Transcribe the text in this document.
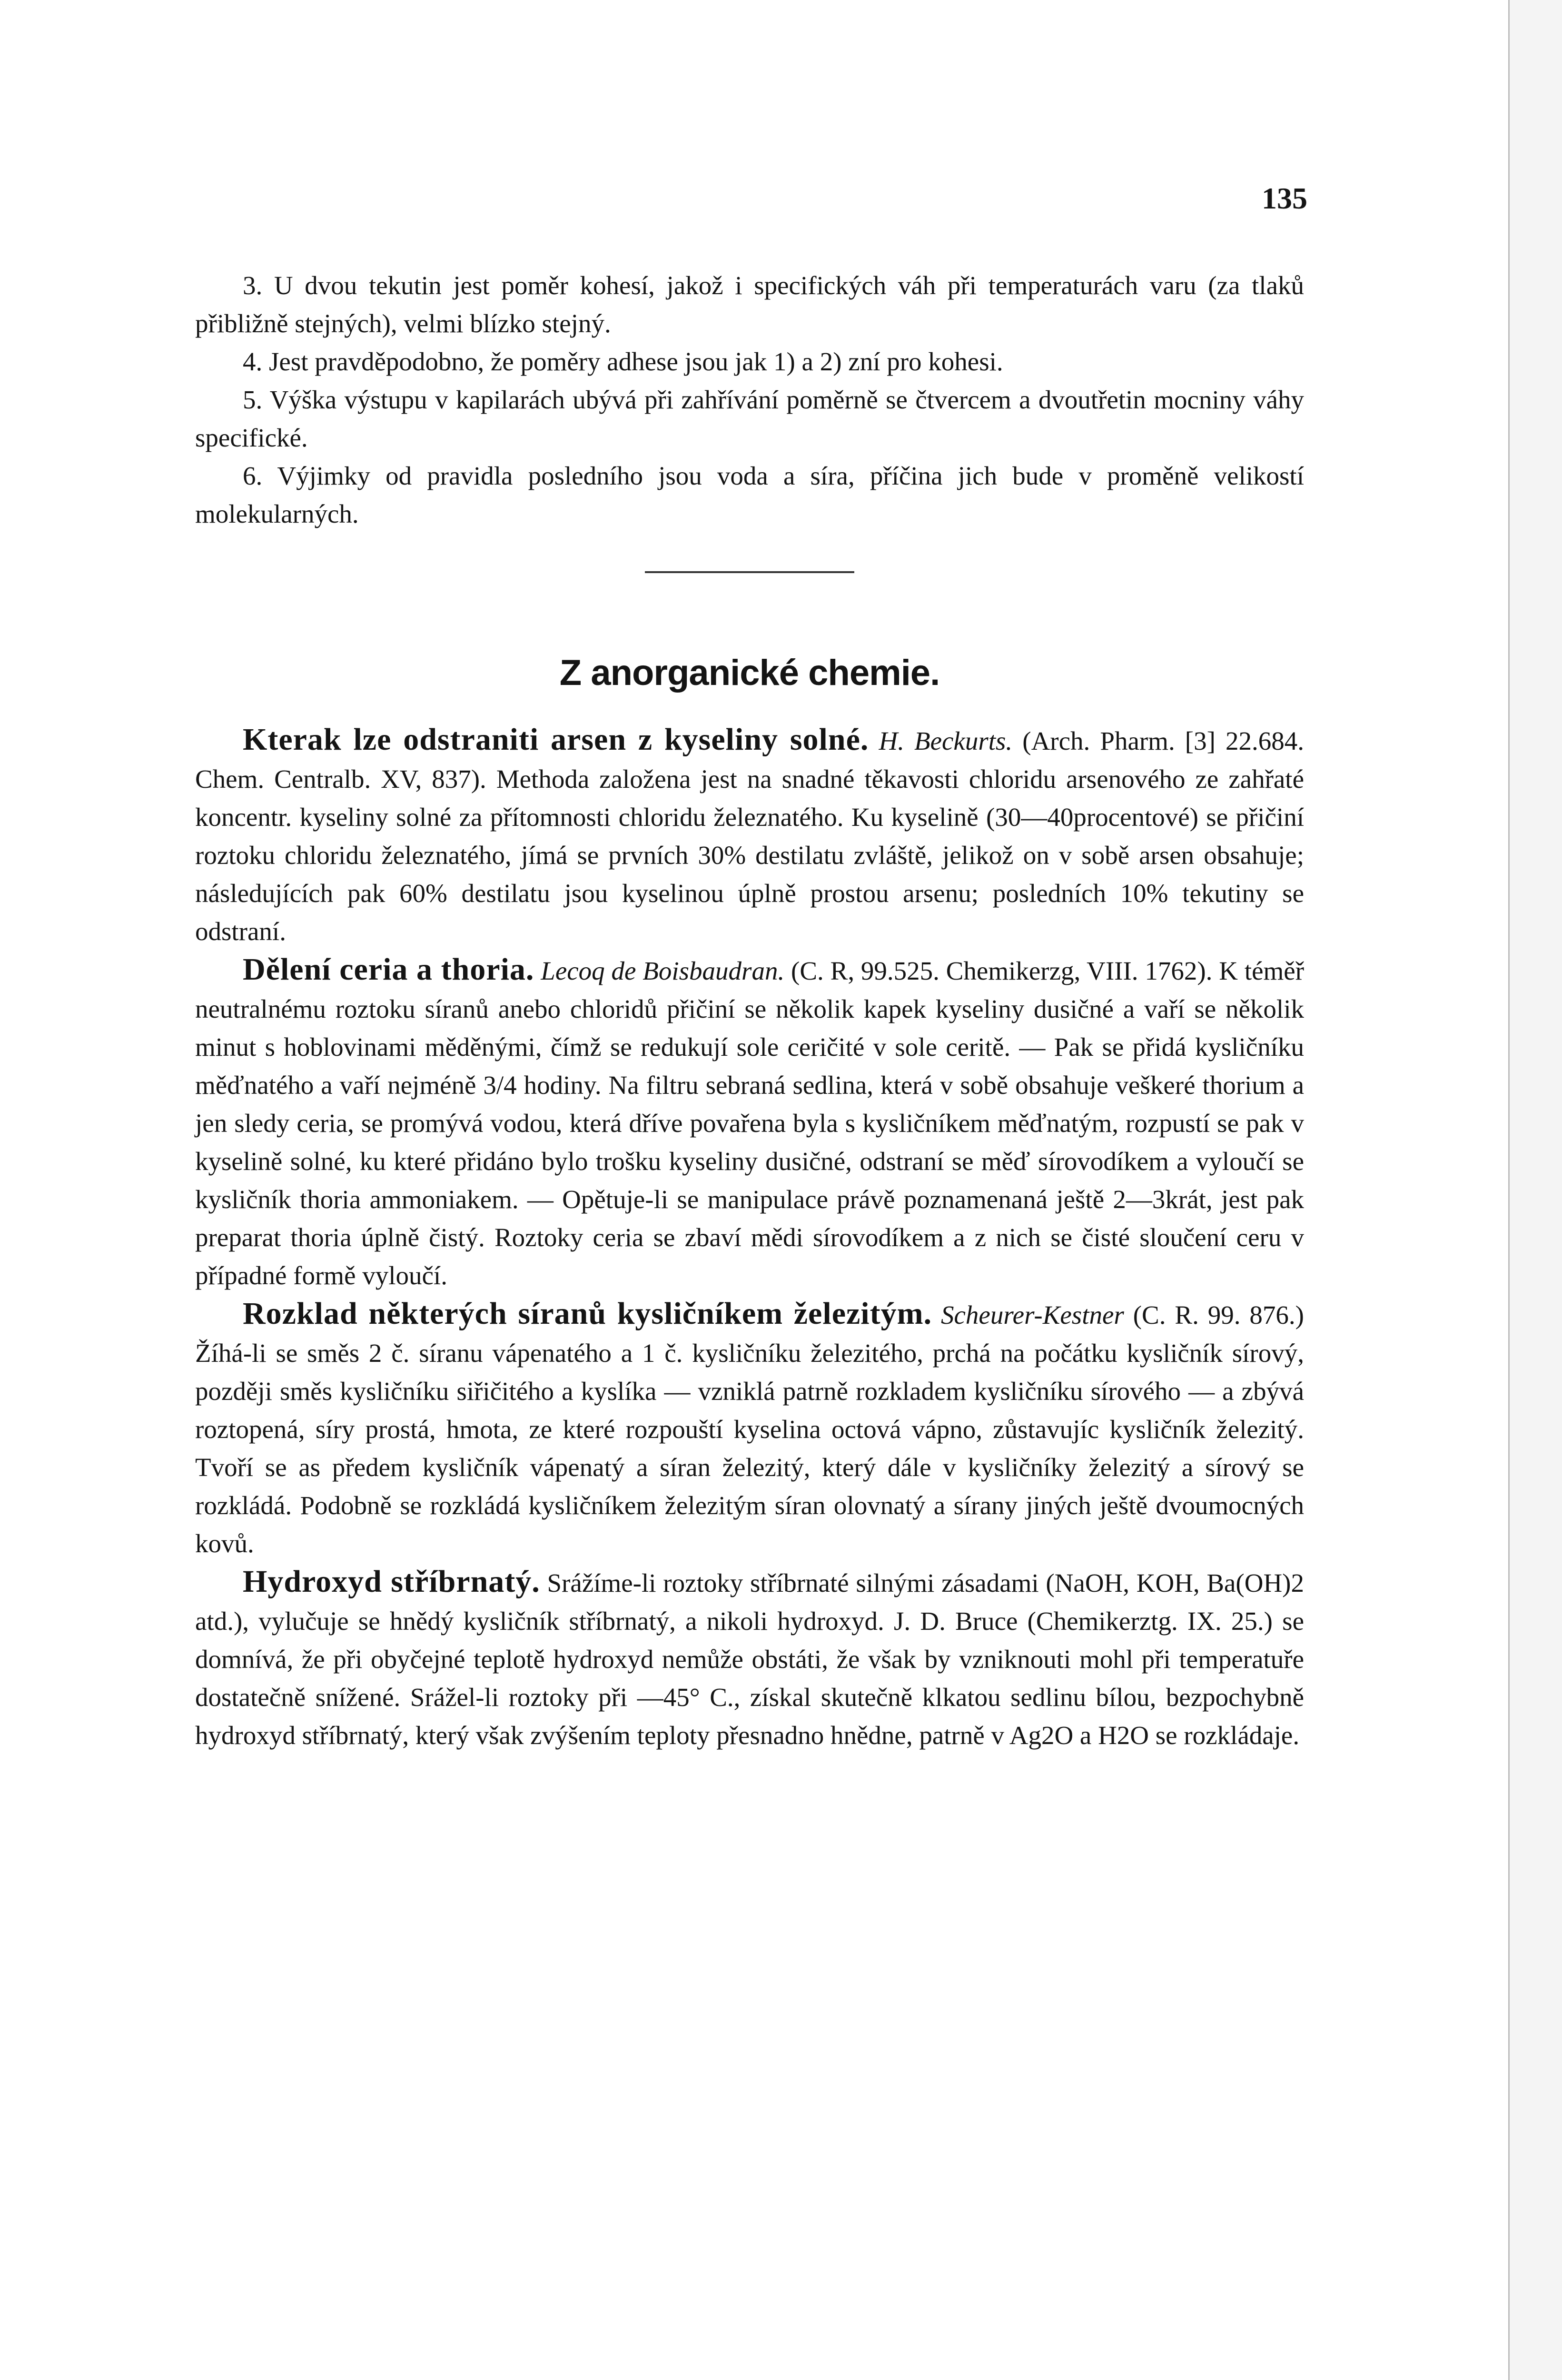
135

3. U dvou tekutin jest poměr kohesí, jakož i specifických váh při temperaturách varu (za tlaků přibližně stejných), velmi blízko stejný.

4. Jest pravděpodobno, že poměry adhese jsou jak 1) a 2) zní pro kohesi.

5. Výška výstupu v kapilarách ubývá při zahřívání poměrně se čtvercem a dvoutřetin mocniny váhy specifické.

6. Výjimky od pravidla posledního jsou voda a síra, příčina jich bude v proměně velikostí molekularných.

Z anorganické chemie.

Kterak lze odstraniti arsen z kyseliny solné. H. Beckurts. (Arch. Pharm. [3] 22.684. Chem. Centralb. XV, 837). Methoda založena jest na snadné těkavosti chloridu arsenového ze zahřaté koncentr. kyseliny solné za přítomnosti chloridu železnatého. Ku kyselině (30—40procentové) se přičiní roztoku chloridu železnatého, jímá se prvních 30% destilatu zvláště, jelikož on v sobě arsen obsahuje; následujících pak 60% destilatu jsou kyselinou úplně prostou arsenu; posledních 10% tekutiny se odstraní.

Dělení ceria a thoria. Lecoq de Boisbaudran. (C. R, 99.525. Chemikerzg, VIII. 1762). K téměř neutralnému roztoku síranů anebo chloridů přičiní se několik kapek kyseliny dusičné a vaří se několik minut s hoblovinami měděnými, čímž se redukují sole ceričité v sole ceritě. — Pak se přidá kysličníku měďnatého a vaří nejméně 3/4 hodiny. Na filtru sebraná sedlina, která v sobě obsahuje veškeré thorium a jen sledy ceria, se promývá vodou, která dříve povařena byla s kysličníkem měďnatým, rozpustí se pak v kyselině solné, ku které přidáno bylo trošku kyseliny dusičné, odstraní se měď sírovodíkem a vyloučí se kysličník thoria ammoniakem. — Opětuje-li se manipulace právě poznamenaná ještě 2—3krát, jest pak preparat thoria úplně čistý. Roztoky ceria se zbaví mědi sírovodíkem a z nich se čisté sloučení ceru v případné formě vyloučí.

Rozklad některých síranů kysličníkem železitým. Scheurer-Kestner (C. R. 99. 876.) Žíhá-li se směs 2 č. síranu vápenatého a 1 č. kysličníku železitého, prchá na počátku kysličník sírový, později směs kysličníku siřičitého a kyslíka — vzniklá patrně rozkladem kysličníku sírového — a zbývá roztopená, síry prostá, hmota, ze které rozpouští kyselina octová vápno, zůstavujíc kysličník železitý. Tvoří se as předem kysličník vápenatý a síran železitý, který dále v kysličníky železitý a sírový se rozkládá. Podobně se rozkládá kysličníkem železitým síran olovnatý a sírany jiných ještě dvoumocných kovů.

Hydroxyd stříbrnatý. Srážíme-li roztoky stříbrnaté silnými zásadami (NaOH, KOH, Ba(OH)2 atd.), vylučuje se hnědý kysličník stříbrnatý, a nikoli hydroxyd. J. D. Bruce (Chemikerztg. IX. 25.) se domnívá, že při obyčejné teplotě hydroxyd nemůže obstáti, že však by vzniknouti mohl při temperatuře dostatečně snížené. Srážel-li roztoky při —45° C., získal skutečně klkatou sedlinu bílou, bezpochybně hydroxyd stříbrnatý, který však zvýšením teploty přesnadno hnědne, patrně v Ag2O a H2O se rozkládaje.
